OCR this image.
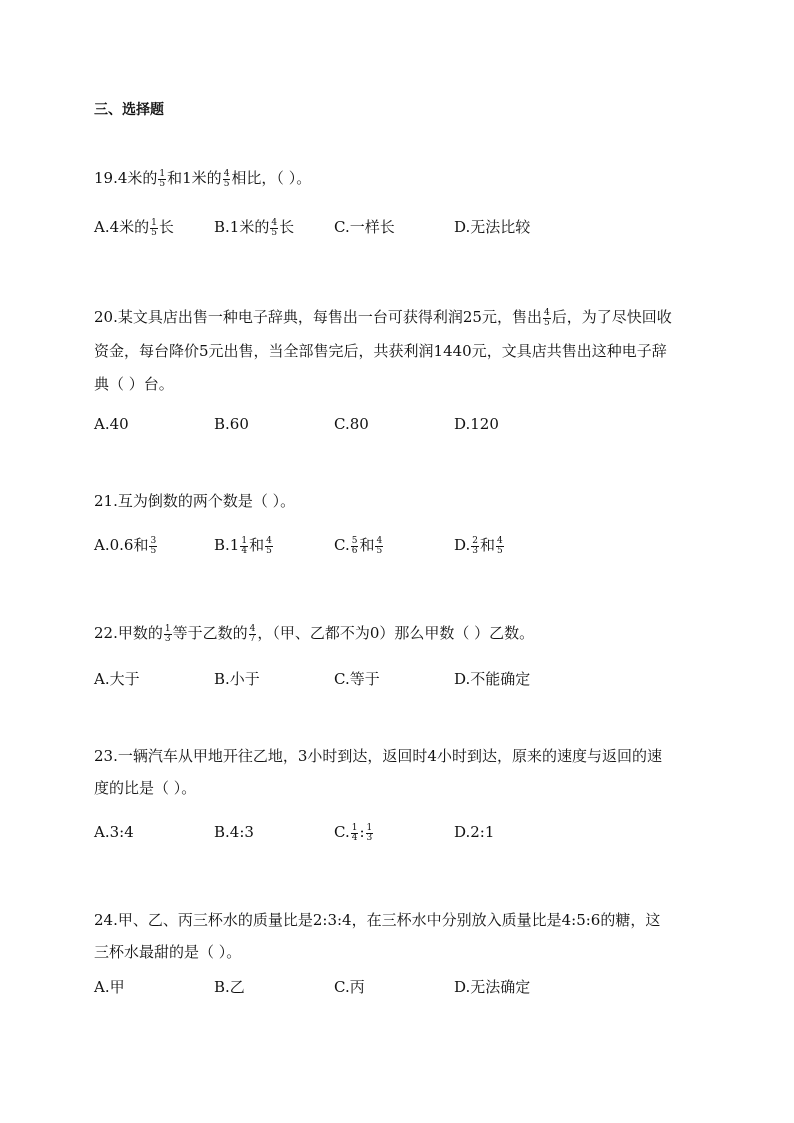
三、选择题
19.4米的 $\frac{1}{5}$ 和1米的 $\frac{4}{5}$ 相比，（ ）。
A.4米的 $\frac{1}{5}$ 长	B.1米的 $\frac{4}{5}$ 长	C.一样长	D.无法比较
20.某文具店出售一种电子辞典，每售出一台可获得利润25元，售出 $\frac{4}{5}$ 后，为了尽快回收
资金，每台降价5元出售，当全部售完后，共获利润1440元，文具店共售出这种电子辞
典（ ）台。
A.40	B.60	C.80	D.120
21.互为倒数的两个数是（ ）。
A.0.6和 $\frac{3}{5}$	$B.1 \frac{1}{4}$ 和 $\frac{4}{5}$	C. $\frac{5}{6}$ 和 $\frac{4}{5}$	D. $\frac{2}{3}$ 和 $\frac{4}{5}$
22.甲数的 $\frac{1}{3}$ 等于乙数的 $\frac{4}{7}$ ，（甲、乙都不为0）那么甲数（ ）乙数。
A.大于	B.小于	C.等于	D.不能确定
23.一辆汽车从甲地开往乙地，3小时到达，返回时4小时到达，原来的速度与返回的速
度的比是（ ）。
A.3:4	B.4:3	C. $\frac{1}{4}$ : $\frac{1}{3}$	D.2:1
24.甲、乙、丙三杯水的质量比是2:3:4，在三杯水中分别放入质量比是4:5:6的糖，这
三杯水最甜的是（ ）。
A.甲	B.乙	C.丙	D.无法确定
